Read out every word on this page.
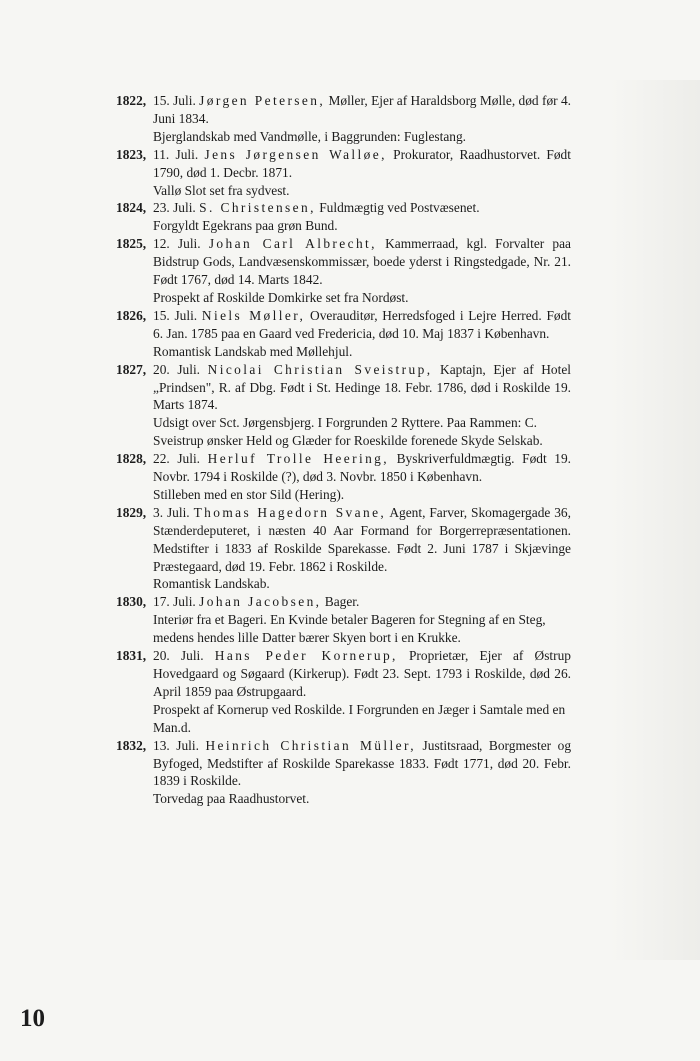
1822, 15. Juli. Jørgen Petersen, Møller, Ejer af Haraldsborg Mølle, død før 4. Juni 1834.
Bjerglandskab med Vandmølle, i Baggrunden: Fuglestang.
1823, 11. Juli. Jens Jørgensen Walløe, Prokurator, Raadhustorvet. Født 1790, død 1. Decbr. 1871.
Vallø Slot set fra sydvest.
1824, 23. Juli. S. Christensen, Fuldmægtig ved Postvæsenet.
Forgyldt Egekrans paa grøn Bund.
1825, 12. Juli. Johan Carl Albrecht, Kammerraad, kgl. Forvalter paa Bidstrup Gods, Landvæsenskommissær, boede yderst i Ringstedgade, Nr. 21. Født 1767, død 14. Marts 1842.
Prospekt af Roskilde Domkirke set fra Nordøst.
1826, 15. Juli. Niels Møller, Overauditør, Herredsfoged i Lejre Herred. Født 6. Jan. 1785 paa en Gaard ved Fredericia, død 10. Maj 1837 i København.
Romantisk Landskab med Møllehjul.
1827, 20. Juli. Nicolai Christian Sveistrup, Kaptajn, Ejer af Hotel „Prindsen", R. af Dbg. Født i St. Hedinge 18. Febr. 1786, død i Roskilde 19. Marts 1874.
Udsigt over Sct. Jørgensbjerg. I Forgrunden 2 Ryttere. Paa Rammen: C. Sveistrup ønsker Held og Glæder for Roeskilde forenede Skyde Selskab.
1828, 22. Juli. Herluf Trolle Heering, Byskriverfuldmægtig. Født 19. Novbr. 1794 i Roskilde (?), død 3. Novbr. 1850 i København.
Stilleben med en stor Sild (Hering).
1829, 3. Juli. Thomas Hagedorn Svane, Agent, Farver, Skomagergade 36, Stænderdeputeret, i næsten 40 Aar Formand for Borgerrepræsentationen. Medstifter i 1833 af Roskilde Sparekasse. Født 2. Juni 1787 i Skjævinge Præstegaard, død 19. Febr. 1862 i Roskilde.
Romantisk Landskab.
1830, 17. Juli. Johan Jacobsen, Bager.
Interiør fra et Bageri. En Kvinde betaler Bageren for Stegning af en Steg, medens hendes lille Datter bærer Skyen bort i en Krukke.
1831, 20. Juli. Hans Peder Kornerup, Proprietær, Ejer af Østrup Hovedgaard og Søgaard (Kirkerup). Født 23. Sept. 1793 i Roskilde, død 26. April 1859 paa Østrupgaard.
Prospekt af Kornerup ved Roskilde. I Forgrunden en Jæger i Samtale med en Man.d.
1832, 13. Juli. Heinrich Christian Müller, Justitsraad, Borgmester og Byfoged, Medstifter af Roskilde Sparekasse 1833. Født 1771, død 20. Febr. 1839 i Roskilde.
Torvedag paa Raadhustorvet.
10
